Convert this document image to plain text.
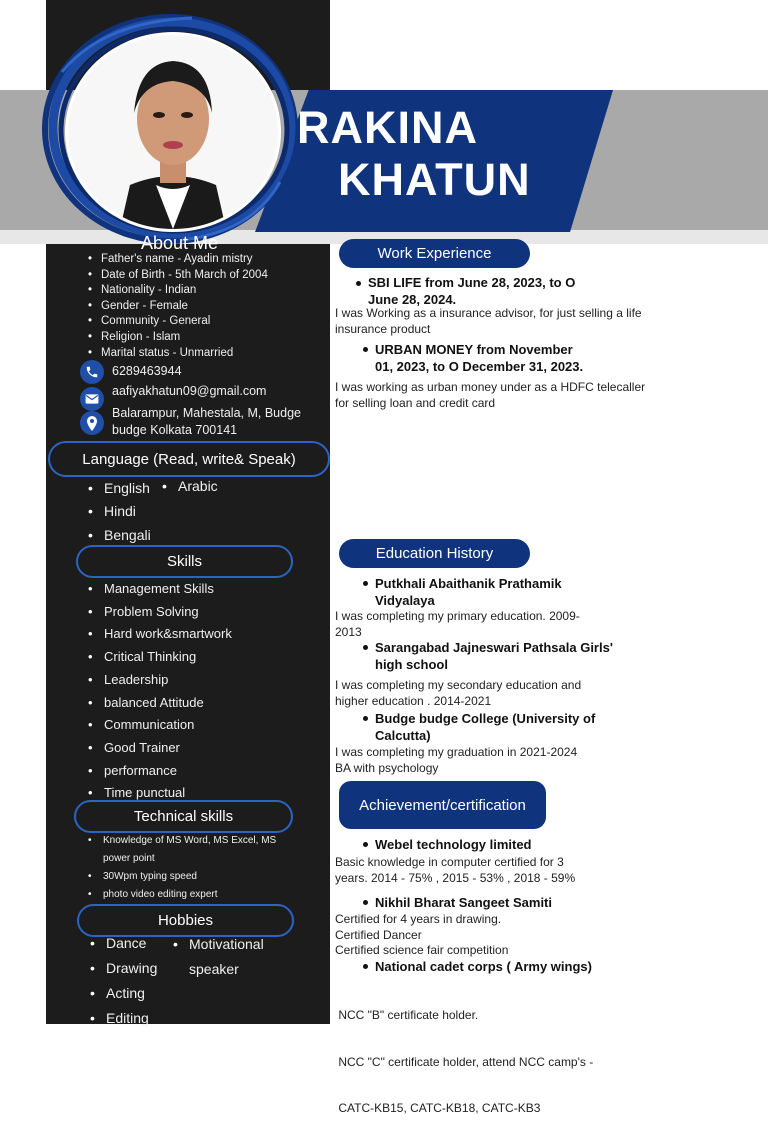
RAKINA
KHATUN
About Me
• Father's name - Ayadin mistry
• Date of Birth - 5th March of 2004
• Nationality - Indian
• Gender - Female
• Community - General
• Religion - Islam
• Marital status - Unmarried
6289463944
aafiyakhatun09@gmail.com
Balarampur, Mahestala, M, Budge
budge Kolkata 700141
Language (Read, write& Speak)
• English • Arabic
• Hindi
• Bengali
Skills
• Management Skills
• Problem Solving
• Hard work&smartwork
• Critical Thinking
• Leadership
• balanced Attitude
• Communication
• Good Trainer
• performance
• Time punctual
Technical skills
• Knowledge of MS Word, MS Excel, MS
power point
• 30Wpm typing speed
• photo video editing expert
Hobbies
• Dance
• Drawing
• Acting
• Editing
• Motivational
speaker
Work Experience
SBI LIFE from June 28, 2023, to O
June 28, 2024.
I was Working as a insurance advisor, for just selling a life
insurance product
URBAN MONEY from November
01, 2023, to O December 31, 2023.
I was working as urban money under as a HDFC telecaller
for selling loan and credit card
Education History
Putkhali Abaithanik Prathamik
Vidyalaya
I was completing my primary education. 2009-
2013
Sarangabad Jajneswari Pathsala Girls'
high school
I was completing my secondary education and
higher education . 2014-2021
Budge budge College (University of
Calcutta)
I was completing my graduation in 2021-2024
BA with psychology
Achievement/certification
Webel technology limited
Basic knowledge in computer certified for 3
years. 2014 - 75% , 2015 - 53% , 2018 - 59%
Nikhil Bharat Sangeet Samiti
Certified for 4 years in drawing.
Certified Dancer
Certified science fair competition
National cadet corps ( Army wings)

NCC "B" certificate holder.

NCC "C" certificate holder, attend NCC camp's -

CATC-KB15, CATC-KB18, CATC-KB3
